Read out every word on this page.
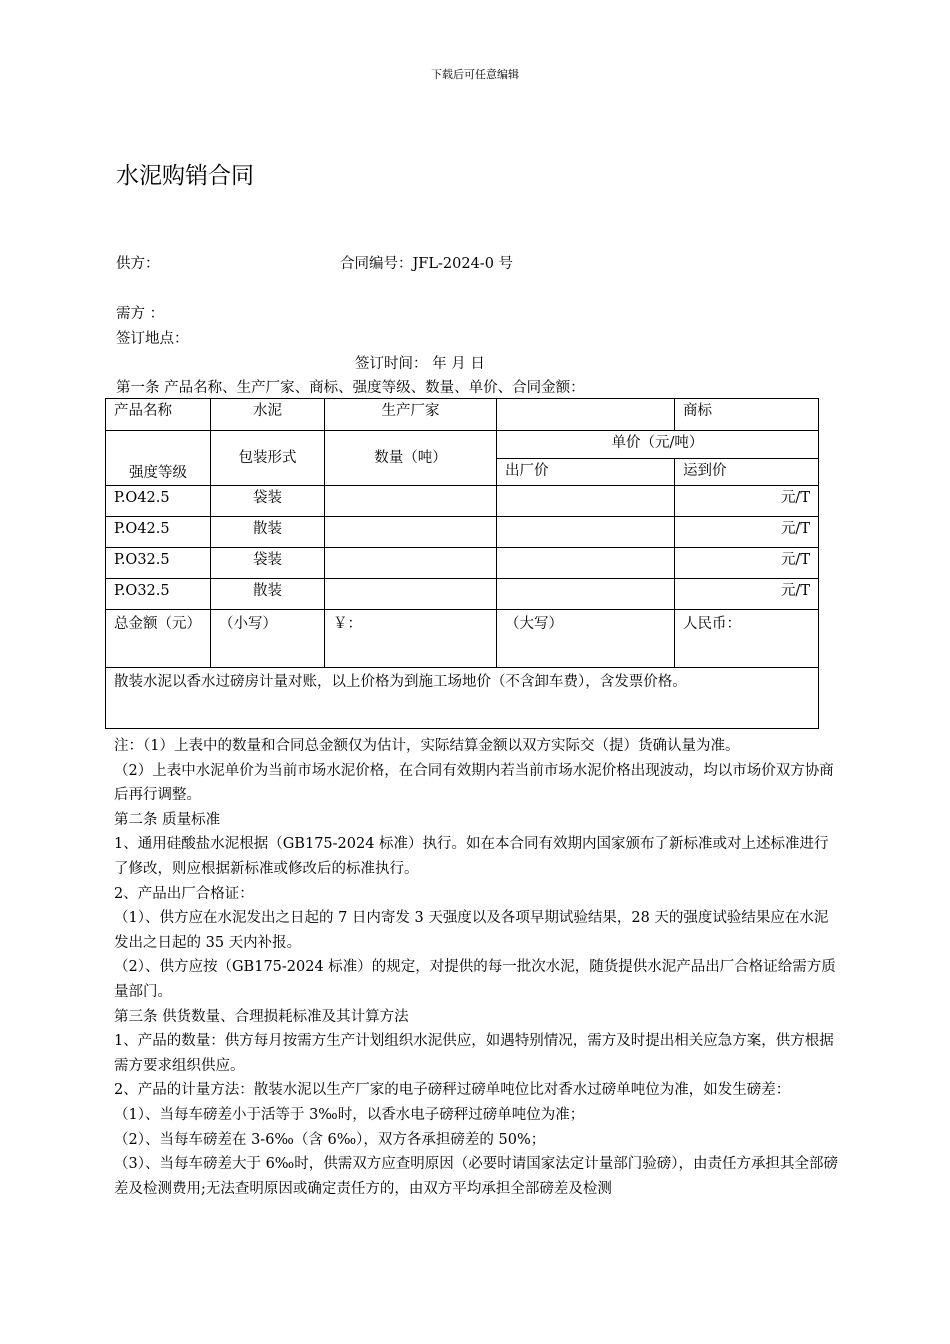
下载后可任意编辑
水泥购销合同
供方：	合同编号：JFL-2024-0 号
需方 ：
签订地点：
签订时间： 年 月 日
第一条 产品名称、生产厂家、商标、强度等级、数量、单价、合同金额：
产品名称	水泥	生产厂家		商标
强度等级	包装形式	数量（吨）	单价（元/吨）	
			出厂价	运到价
P.O42.5	袋装			元/T
P.O42.5	散装			元/T
P.O32.5	袋装			元/T
P.O32.5	散装			元/T
总金额（元）	（小写）	￥：	（大写）	人民币：
散装水泥以香水过磅房计量对账，以上价格为到施工场地价（不含卸车费），含发票价格。				

注：（1）上表中的数量和合同总金额仅为估计，实际结算金额以双方实际交（提）货确认量为准。

（2）上表中水泥单价为当前市场水泥价格，在合同有效期内若当前市场水泥价格出现波动，均以市场价双方协商后再行调整。

第二条 质量标准

1、通用硅酸盐水泥根据（GB175-2024 标准）执行。如在本合同有效期内国家颁布了新标准或对上述标准进行了修改，则应根据新标准或修改后的标准执行。

2、产品出厂合格证：

（1）、供方应在水泥发出之日起的 7 日内寄发 3 天强度以及各项早期试验结果，28 天的强度试验结果应在水泥发出之日起的 35 天内补报。

（2）、供方应按（GB175-2024 标准）的规定，对提供的每一批次水泥，随货提供水泥产品出厂合格证给需方质量部门。

第三条 供货数量、合理损耗标准及其计算方法

1、产品的数量：供方每月按需方生产计划组织水泥供应，如遇特别情况，需方及时提出相关应急方案，供方根据需方要求组织供应。

2、产品的计量方法：散装水泥以生产厂家的电子磅秤过磅单吨位比对香水过磅单吨位为准，如发生磅差：

（1）、当每车磅差小于活等于 3‰时，以香水电子磅秤过磅单吨位为准；

（2）、当每车磅差在 3-6‰（含 6‰），双方各承担磅差的 50%；

（3）、当每车磅差大于 6‰时，供需双方应查明原因（必要时请国家法定计量部门验磅），由责任方承担其全部磅差及检测费用;无法查明原因或确定责任方的，由双方平均承担全部磅差及检测
